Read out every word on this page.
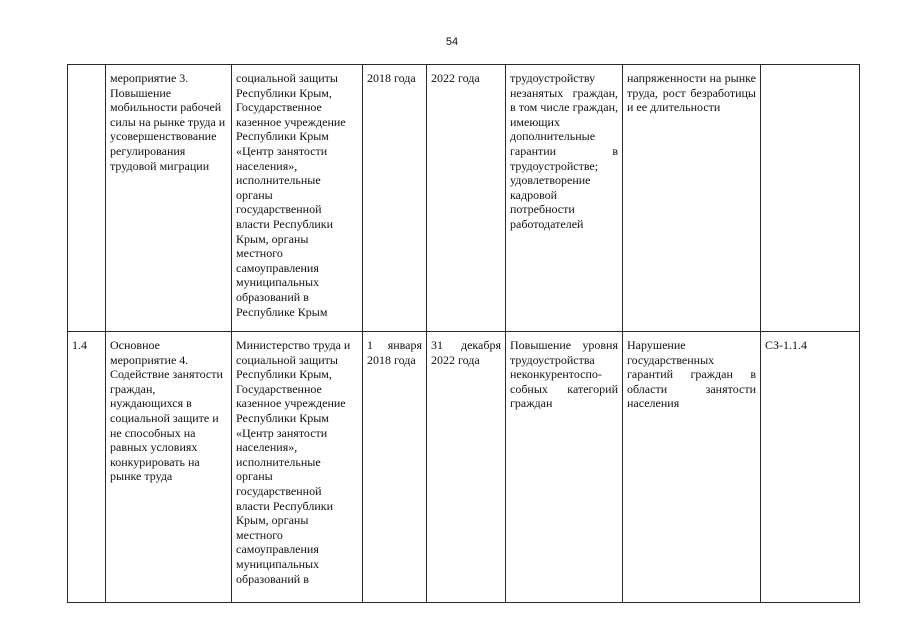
54
	мероприятие 3. Повышение мобильности рабочей силы на рынке труда и усовершенствование регулирования трудовой миграции	социальной защиты Республики Крым, Государственное казенное учреждение Республики Крым «Центр занятости населения», исполнительные органы государственной власти Республики Крым, органы местного самоуправления муниципальных образований в Республике Крым	2018 года	2022 года	трудоустройству незанятых граждан, в том числе граждан, имеющих дополнительные гарантии в трудоустройстве; удовлетворение кадровой потребности работодателей	напряженности на рынке труда, рост безработицы и ее длительности	
1.4	Основное мероприятие 4. Содействие занятости граждан, нуждающихся в социальной защите и не способных на равных условиях конкурировать на рынке труда	Министерство труда и социальной защиты Республики Крым, Государственное казенное учреждение Республики Крым «Центр занятости населения», исполнительные органы государственной власти Республики Крым, органы местного самоуправления муниципальных образований в	1 января 2018 года	31 декабря 2022 года	Повышение уровня трудоустройства неконкурентоспо-собных категорий граждан	Нарушение государственных гарантий граждан в области занятости населения	СЗ-1.1.4
